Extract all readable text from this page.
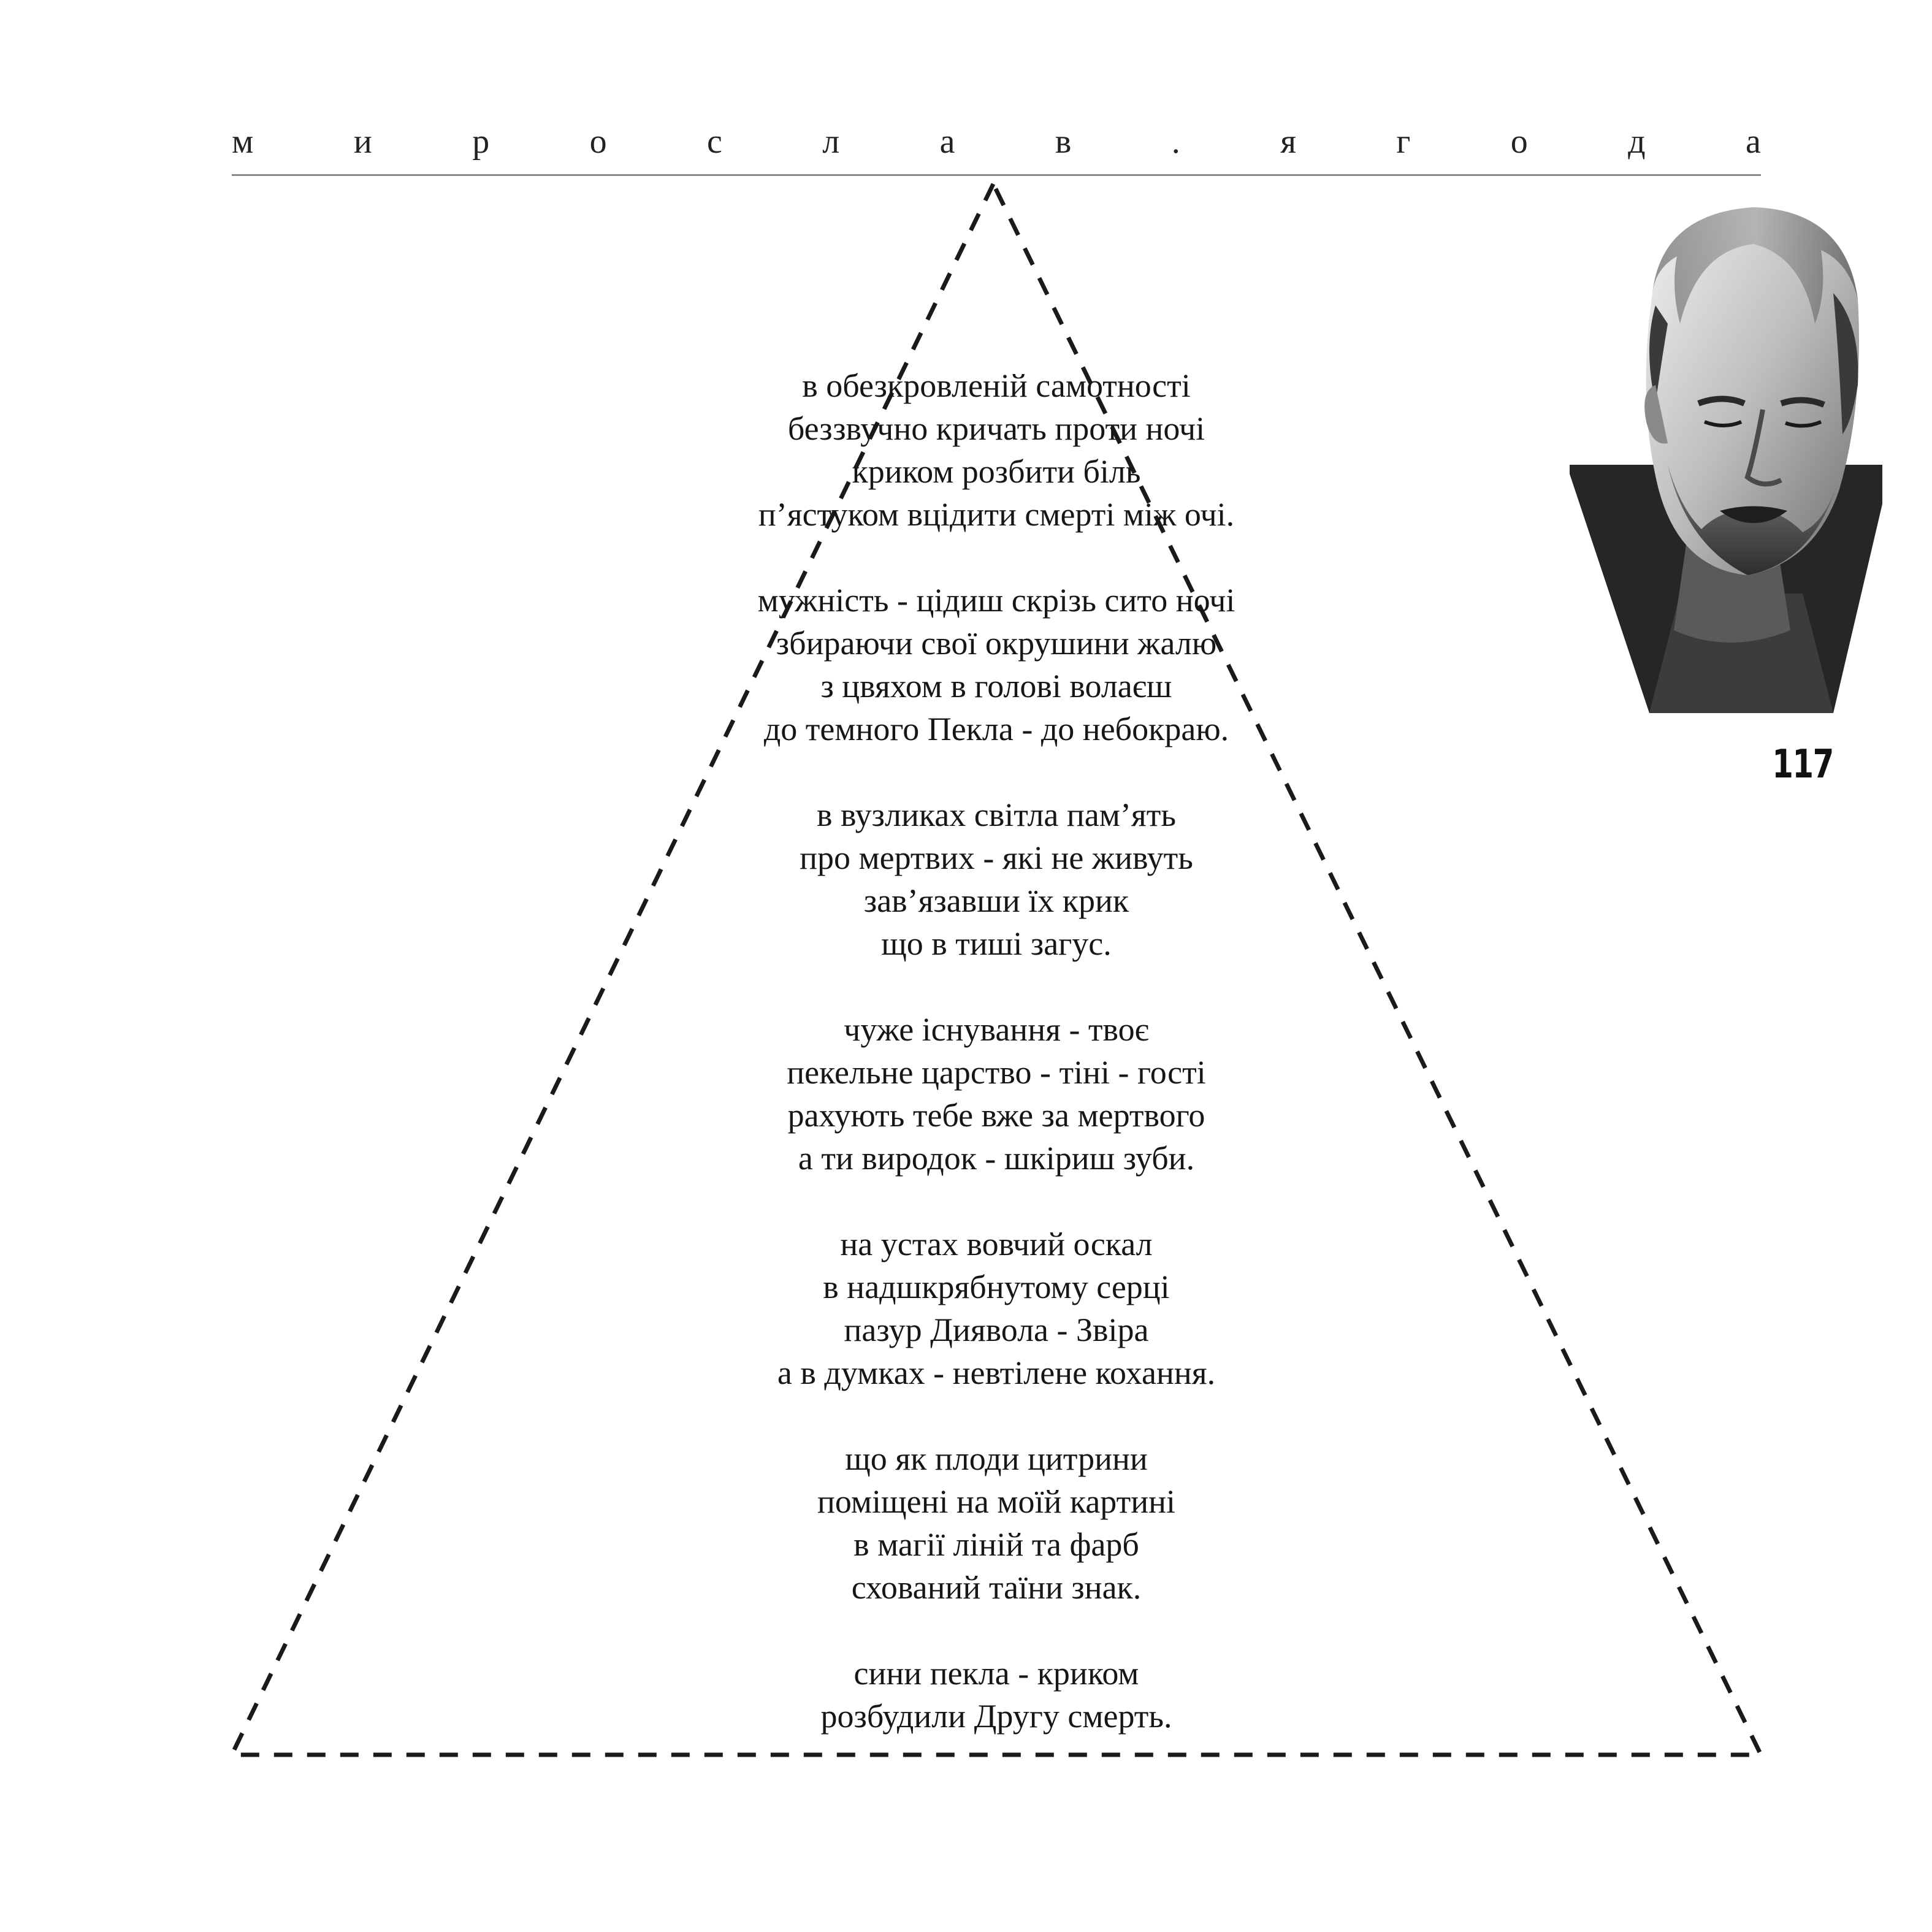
м	и	р	о	с	л	а	в	.	я	г	о	д	а
в обезкровленій самотності
беззвучно кричать проти ночі
криком розбити біль
п’ястуком вцідити смерті між очі.
мужність - цідиш скрізь сито ночі
збираючи свої окрушини жалю
з цвяхом в голові волаєш
до темного Пекла - до небокраю.
в вузликах світла пам’ять
про мертвих - які не живуть
зав’язавши їх крик
що в тиші загус.
чуже існування - твоє
пекельне царство - тіні - гості
рахують тебе вже за мертвого
а ти виродок - шкіриш зуби.
на устах вовчий оскал
в надшкрябнутому серці
пазур Диявола - Звіра
а в думках - невтілене кохання.
що як плоди цитрини
поміщені на моїй картині
в магії ліній та фарб
схований таїни знак.
сини пекла - криком
розбудили Другу смерть.
117
